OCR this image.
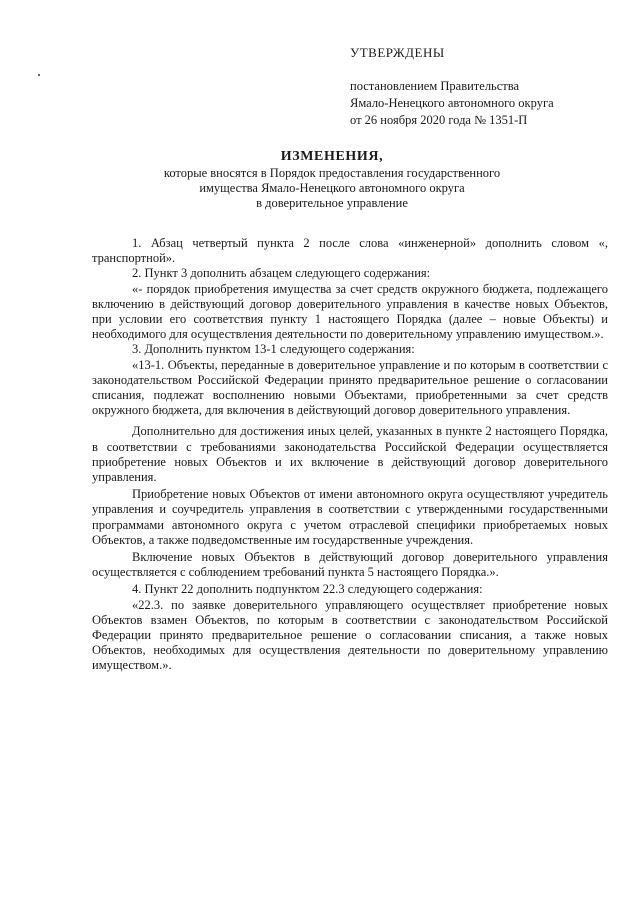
УТВЕРЖДЕНЫ
постановлением Правительства
Ямало-Ненецкого автономного округа
от 26 ноября 2020 года № 1351-П
ИЗМЕНЕНИЯ,
которые вносятся в Порядок предоставления государственного
имущества Ямало-Ненецкого автономного округа
в доверительное управление

1. Абзац четвертый пункта 2 после слова «инженерной» дополнить словом «, транспортной».

2. Пункт 3 дополнить абзацем следующего содержания:

«- порядок приобретения имущества за счет средств окружного бюджета, подлежащего включению в действующий договор доверительного управления в качестве новых Объектов, при условии его соответствия пункту 1 настоящего Порядка (далее – новые Объекты) и необходимого для осуществления деятельности по доверительному управлению имуществом.».

3. Дополнить пунктом 13-1 следующего содержания:

«13-1. Объекты, переданные в доверительное управление и по которым в соответствии с законодательством Российской Федерации принято предварительное решение о согласовании списания, подлежат восполнению новыми Объектами, приобретенными за счет средств окружного бюджета, для включения в действующий договор доверительного управления.

Дополнительно для достижения иных целей, указанных в пункте 2 настоящего Порядка, в соответствии с требованиями законодательства Российской Федерации осуществляется приобретение новых Объектов и их включение в действующий договор доверительного управления.

Приобретение новых Объектов от имени автономного округа осуществляют учредитель управления и соучредитель управления в соответствии с утвержденными государственными программами автономного округа с учетом отраслевой специфики приобретаемых новых Объектов, а также подведомственные им государственные учреждения.

Включение новых Объектов в действующий договор доверительного управления осуществляется с соблюдением требований пункта 5 настоящего Порядка.».

4. Пункт 22 дополнить подпунктом 22.3 следующего содержания:

«22.3. по заявке доверительного управляющего осуществляет приобретение новых Объектов взамен Объектов, по которым в соответствии с законодательством Российской Федерации принято предварительное решение о согласовании списания, а также новых Объектов, необходимых для осуществления деятельности по доверительному управлению имуществом.».
